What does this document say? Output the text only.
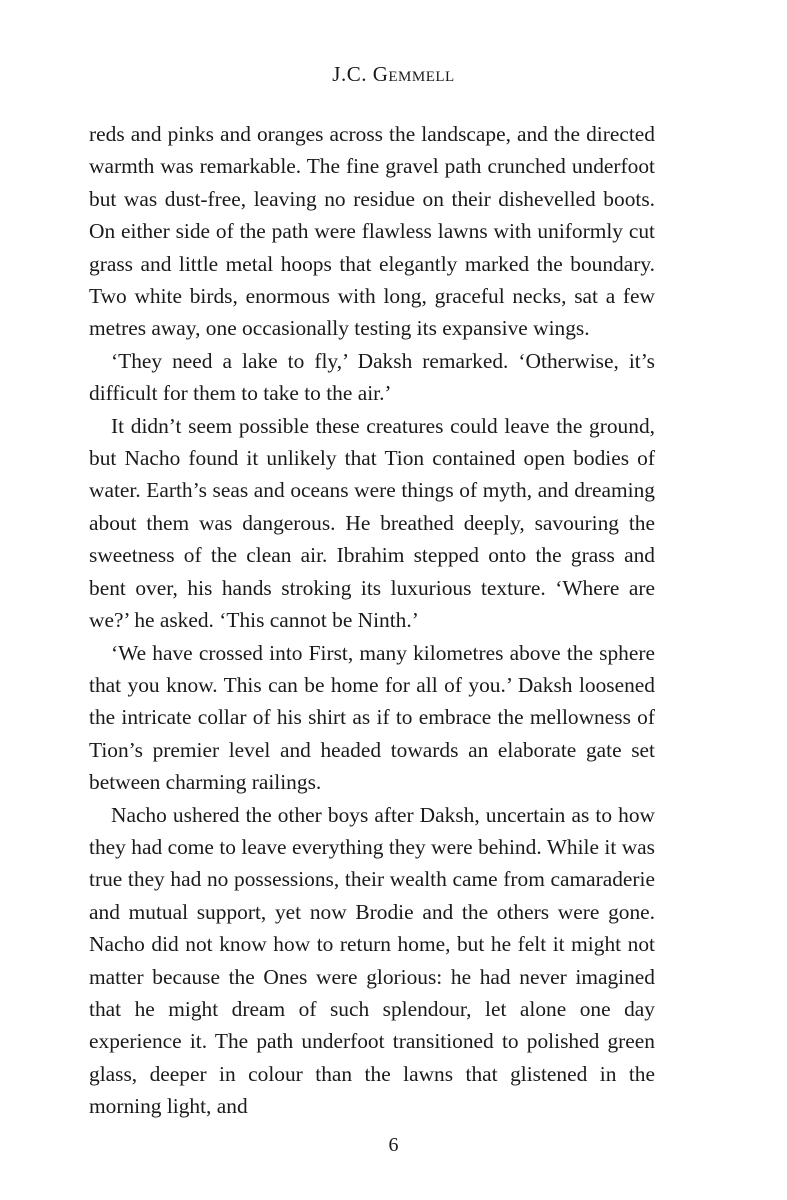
J.C. Gemmell

reds and pinks and oranges across the landscape, and the directed warmth was remarkable. The fine gravel path crunched underfoot but was dust-free, leaving no residue on their dishevelled boots. On either side of the path were flawless lawns with uniformly cut grass and little metal hoops that elegantly marked the boundary. Two white birds, enormous with long, graceful necks, sat a few metres away, one occasionally testing its expansive wings.

‘They need a lake to fly,’ Daksh remarked. ‘Otherwise, it’s difficult for them to take to the air.’

It didn’t seem possible these creatures could leave the ground, but Nacho found it unlikely that Tion contained open bodies of water. Earth’s seas and oceans were things of myth, and dreaming about them was dangerous. He breathed deeply, savouring the sweetness of the clean air. Ibrahim stepped onto the grass and bent over, his hands stroking its luxurious texture. ‘Where are we?’ he asked. ‘This cannot be Ninth.’

‘We have crossed into First, many kilometres above the sphere that you know. This can be home for all of you.’ Daksh loosened the intricate collar of his shirt as if to embrace the mellowness of Tion’s premier level and headed towards an elaborate gate set between charming railings.

Nacho ushered the other boys after Daksh, uncertain as to how they had come to leave everything they were behind. While it was true they had no possessions, their wealth came from camaraderie and mutual support, yet now Brodie and the others were gone. Nacho did not know how to return home, but he felt it might not matter because the Ones were glorious: he had never imagined that he might dream of such splendour, let alone one day experience it. The path underfoot transitioned to polished green glass, deeper in colour than the lawns that glistened in the morning light, and

6
